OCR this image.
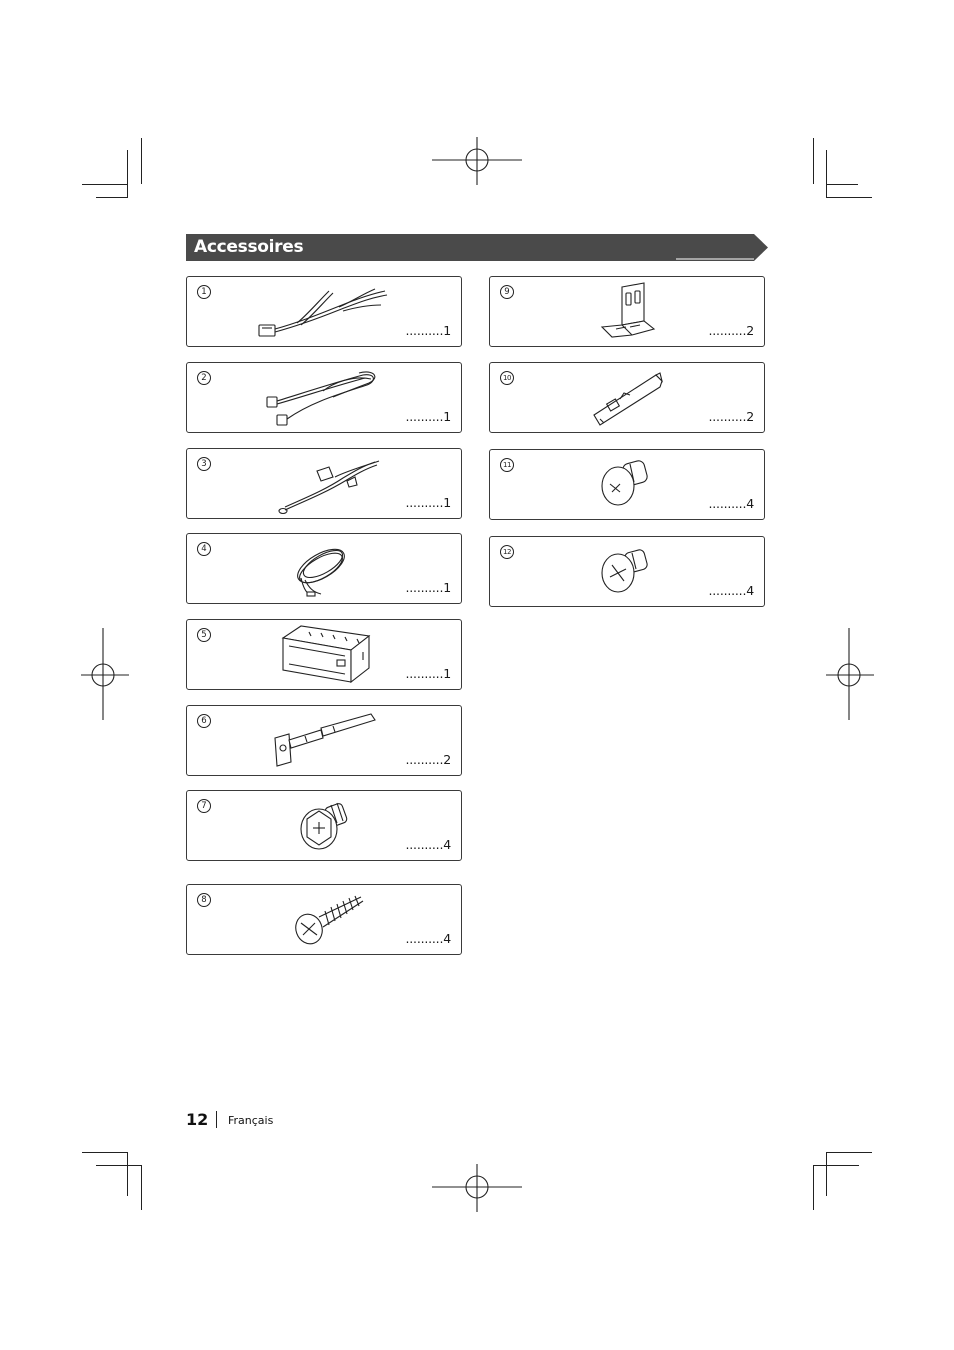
Accessoires
1
..........1
2
..........1
3
..........1
4
..........1
5
..........1
6
..........2
7
..........4
8
..........4
9
..........2
10
..........2
11
..........4
12
..........4
12 Français
